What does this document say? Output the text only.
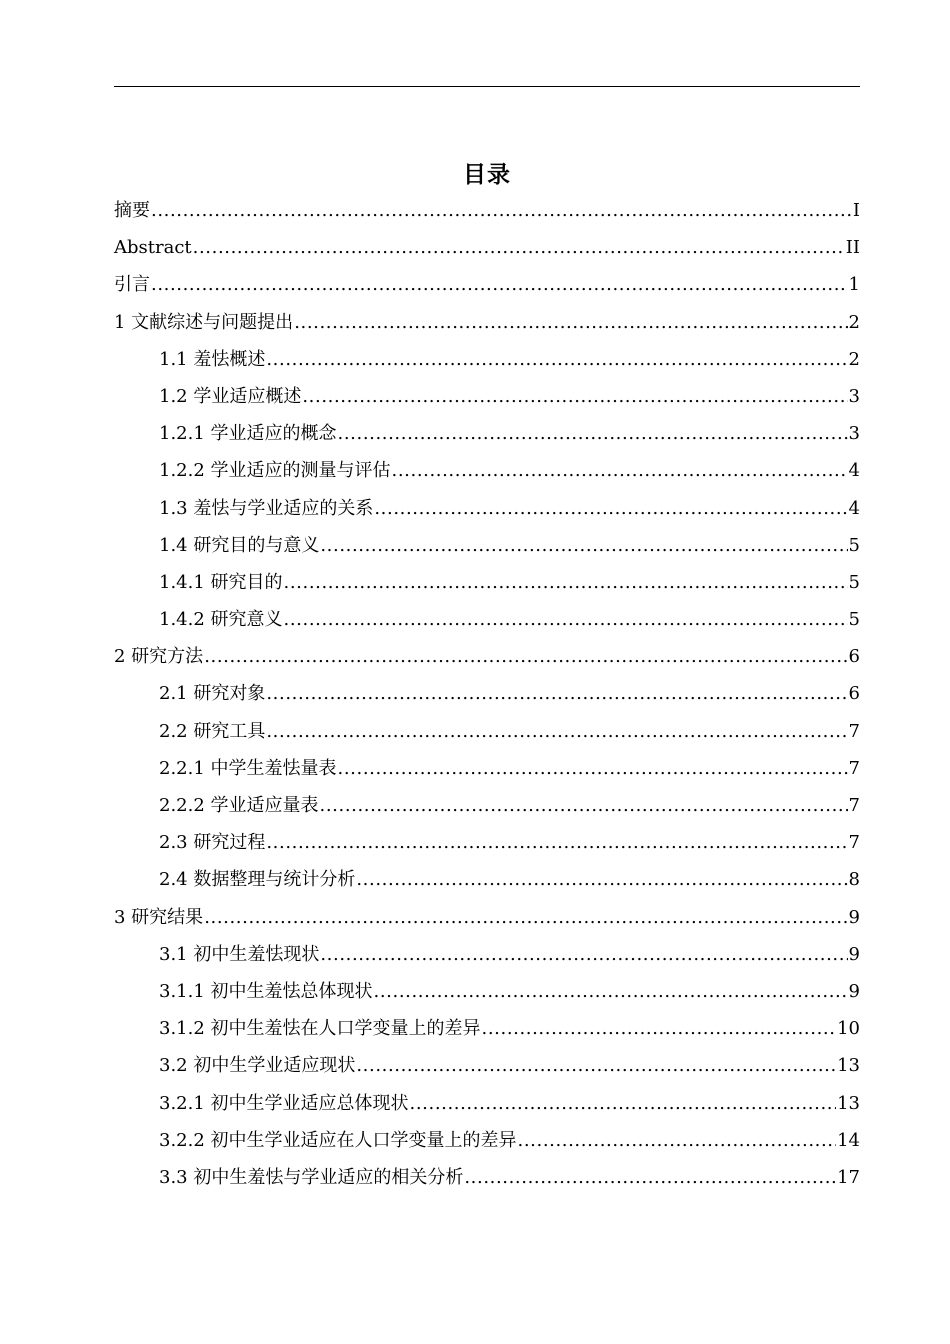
目录
摘要 .....	I
Abstract .....	II
引言 .....	1
1 文献综述与问题提出 .....	2
1.1 羞怯概述 .....	2
1.2 学业适应概述 .....	3
1.2.1 学业适应的概念 .....	3
1.2.2 学业适应的测量与评估 .....	4
1.3 羞怯与学业适应的关系 .....	4
1.4 研究目的与意义 .....	5
1.4.1 研究目的 .....	5
1.4.2 研究意义 .....	5
2 研究方法 .....	6
2.1 研究对象 .....	6
2.2 研究工具 .....	7
2.2.1 中学生羞怯量表 .....	7
2.2.2 学业适应量表 .....	7
2.3 研究过程 .....	7
2.4 数据整理与统计分析 .....	8
3 研究结果 .....	9
3.1 初中生羞怯现状 .....	9
3.1.1 初中生羞怯总体现状 .....	9
3.1.2 初中生羞怯在人口学变量上的差异 .....	10
3.2 初中生学业适应现状 .....	13
3.2.1 初中生学业适应总体现状 .....	13
3.2.2 初中生学业适应在人口学变量上的差异 .....	14
3.3 初中生羞怯与学业适应的相关分析 .....	17
